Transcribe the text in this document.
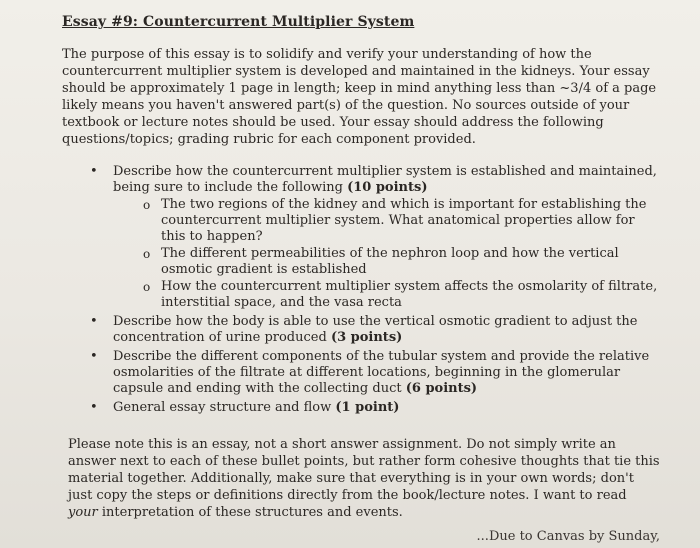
Essay #9: Countercurrent Multiplier System

The purpose of this essay is to solidify and verify your understanding of how the countercurrent multiplier system is developed and maintained in the kidneys. Your essay should be approximately 1 page in length; keep in mind anything less than ~3/4 of a page likely means you haven't answered part(s) of the question. No sources outside of your textbook or lecture notes should be used. Your essay should address the following questions/topics; grading rubric for each component provided.

• Describe how the countercurrent multiplier system is established and maintained, being sure to include the following (10 points)
o The two regions of the kidney and which is important for establishing the countercurrent multiplier system. What anatomical properties allow for this to happen?
o The different permeabilities of the nephron loop and how the vertical osmotic gradient is established
o How the countercurrent multiplier system affects the osmolarity of filtrate, interstitial space, and the vasa recta
• Describe how the body is able to use the vertical osmotic gradient to adjust the concentration of urine produced (3 points)
• Describe the different components of the tubular system and provide the relative osmolarities of the filtrate at different locations, beginning in the glomerular capsule and ending with the collecting duct (6 points)
• General essay structure and flow (1 point)

Please note this is an essay, not a short answer assignment. Do not simply write an answer next to each of these bullet points, but rather form cohesive thoughts that tie this material together. Additionally, make sure that everything is in your own words; don't just copy the steps or definitions directly from the book/lecture notes. I want to read your interpretation of these structures and events.

...Due to Canvas by Sunday,
